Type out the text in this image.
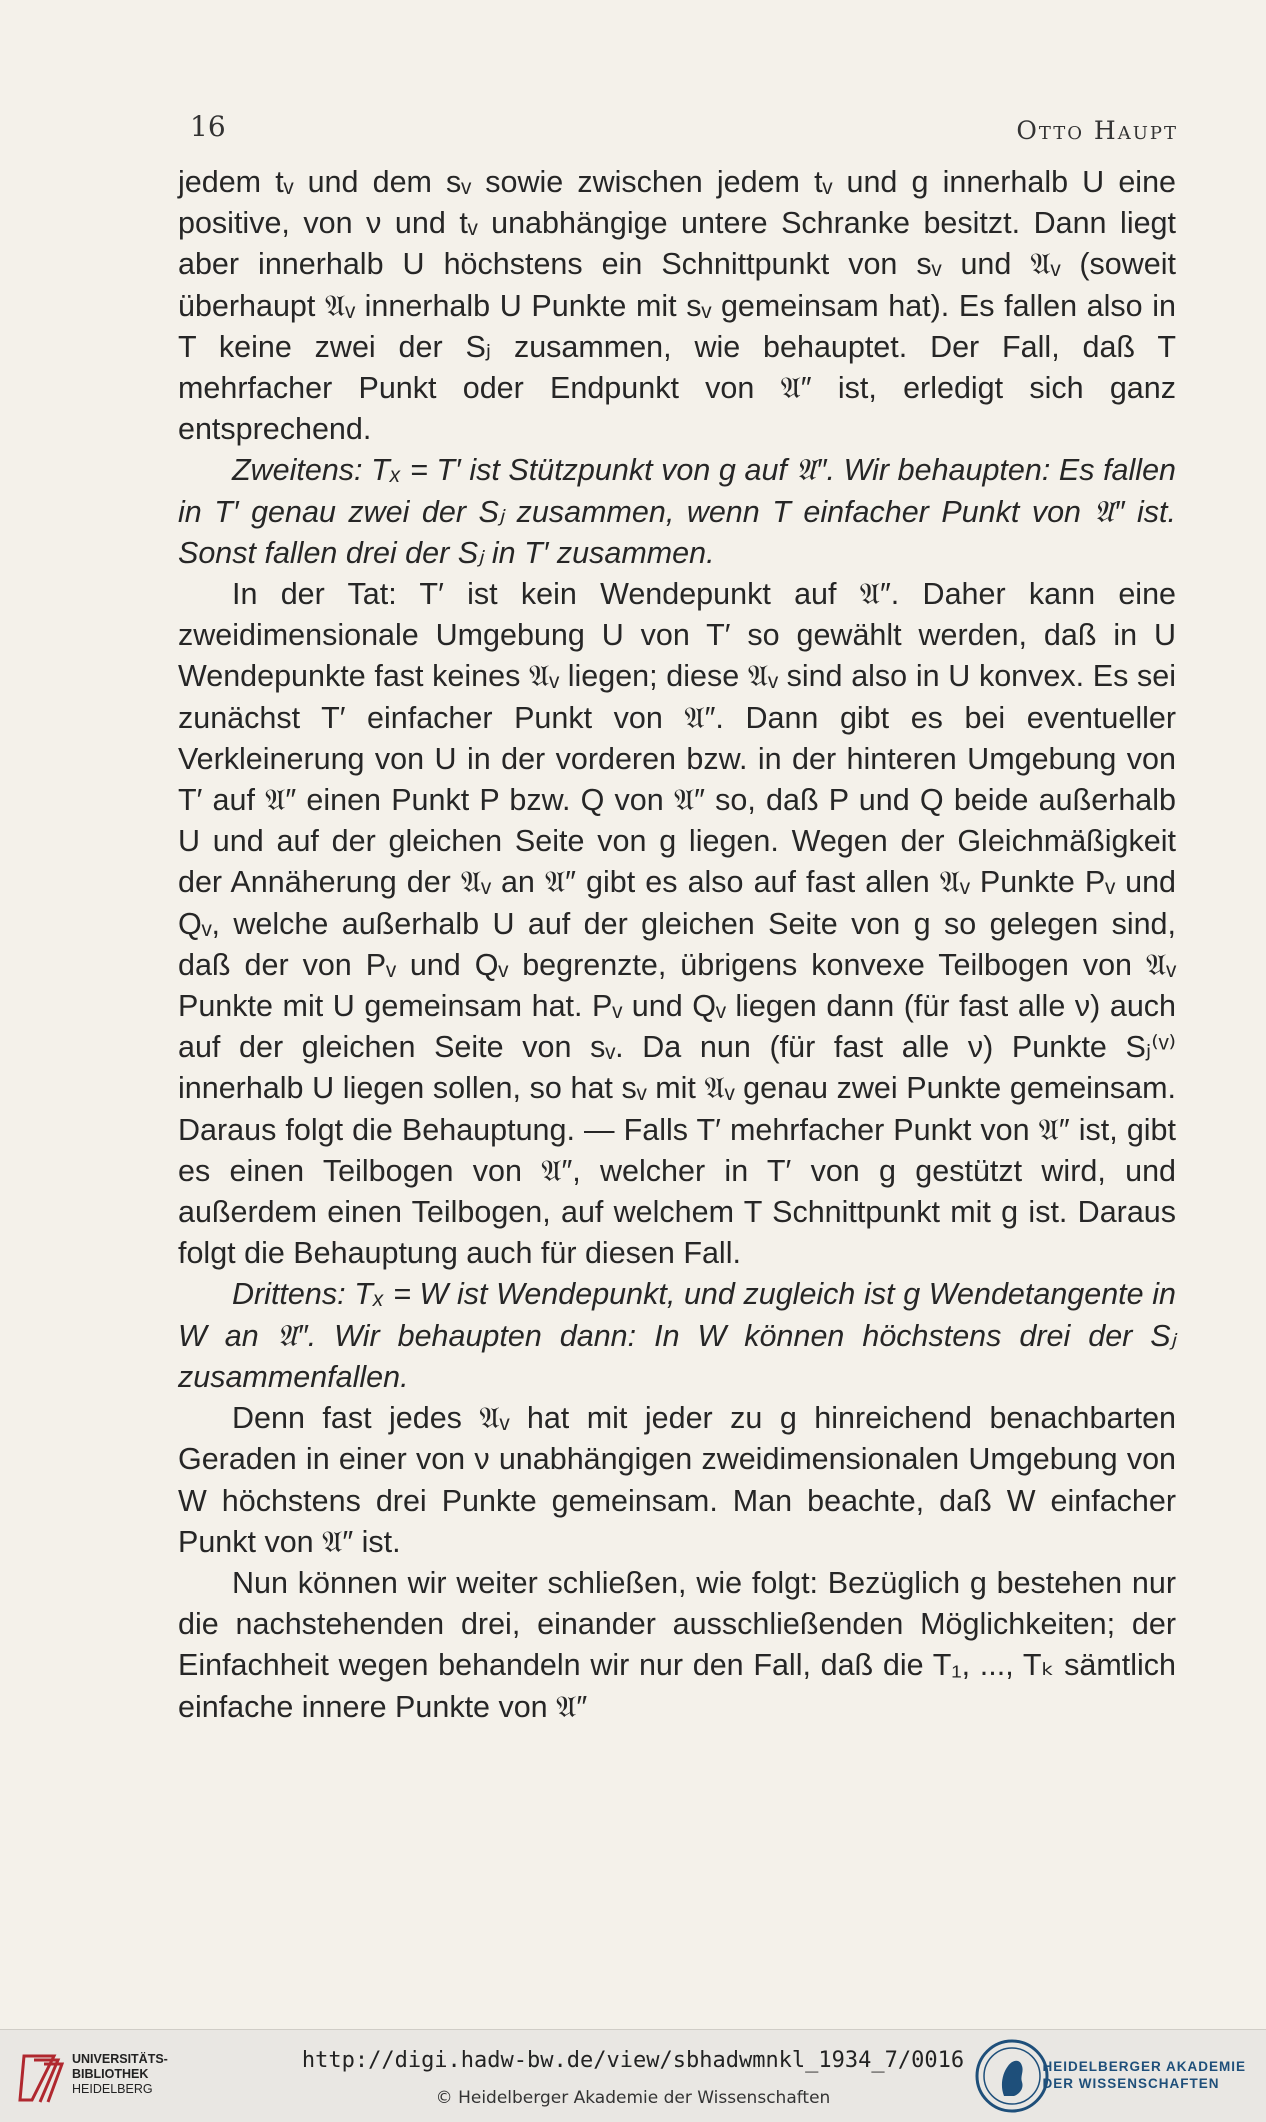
16	Otto Haupt

jedem tᵥ und dem sᵥ sowie zwischen jedem tᵥ und g innerhalb U eine positive, von ν und tᵥ unabhängige untere Schranke besitzt. Dann liegt aber innerhalb U höchstens ein Schnittpunkt von sᵥ und 𝔄ᵥ (soweit überhaupt 𝔄ᵥ innerhalb U Punkte mit sᵥ gemeinsam hat). Es fallen also in T keine zwei der Sⱼ zusammen, wie behauptet. Der Fall, daß T mehrfacher Punkt oder Endpunkt von 𝔄″ ist, erledigt sich ganz entsprechend.

Zweitens: Tₓ = T′ ist Stützpunkt von g auf 𝔄″. Wir behaupten: Es fallen in T′ genau zwei der Sⱼ zusammen, wenn T einfacher Punkt von 𝔄″ ist. Sonst fallen drei der Sⱼ in T′ zusammen.

In der Tat: T′ ist kein Wendepunkt auf 𝔄″. Daher kann eine zweidimensionale Umgebung U von T′ so gewählt werden, daß in U Wendepunkte fast keines 𝔄ᵥ liegen; diese 𝔄ᵥ sind also in U konvex. Es sei zunächst T′ einfacher Punkt von 𝔄″. Dann gibt es bei eventueller Verkleinerung von U in der vorderen bzw. in der hinteren Umgebung von T′ auf 𝔄″ einen Punkt P bzw. Q von 𝔄″ so, daß P und Q beide außerhalb U und auf der gleichen Seite von g liegen. Wegen der Gleichmäßigkeit der Annäherung der 𝔄ᵥ an 𝔄″ gibt es also auf fast allen 𝔄ᵥ Punkte Pᵥ und Qᵥ, welche außerhalb U auf der gleichen Seite von g so gelegen sind, daß der von Pᵥ und Qᵥ begrenzte, übrigens konvexe Teilbogen von 𝔄ᵥ Punkte mit U gemeinsam hat. Pᵥ und Qᵥ liegen dann (für fast alle ν) auch auf der gleichen Seite von sᵥ. Da nun (für fast alle ν) Punkte Sⱼ⁽ᵛ⁾ innerhalb U liegen sollen, so hat sᵥ mit 𝔄ᵥ genau zwei Punkte gemeinsam. Daraus folgt die Behauptung. — Falls T′ mehrfacher Punkt von 𝔄″ ist, gibt es einen Teilbogen von 𝔄″, welcher in T′ von g gestützt wird, und außerdem einen Teilbogen, auf welchem T Schnittpunkt mit g ist. Daraus folgt die Behauptung auch für diesen Fall.

Drittens: Tₓ = W ist Wendepunkt, und zugleich ist g Wendetangente in W an 𝔄″. Wir behaupten dann: In W können höchstens drei der Sⱼ zusammenfallen.

Denn fast jedes 𝔄ᵥ hat mit jeder zu g hinreichend benachbarten Geraden in einer von ν unabhängigen zweidimensionalen Umgebung von W höchstens drei Punkte gemeinsam. Man beachte, daß W einfacher Punkt von 𝔄″ ist.

Nun können wir weiter schließen, wie folgt: Bezüglich g bestehen nur die nachstehenden drei, einander ausschließenden Möglichkeiten; der Einfachheit wegen behandeln wir nur den Fall, daß die T₁, ..., Tₖ sämtlich einfache innere Punkte von 𝔄″

UNIVERSITÄTS-
BIBLIOTHEK
HEIDELBERG
http://digi.hadw-bw.de/view/sbhadwmnkl_1934_7/0016
© Heidelberger Akademie der Wissenschaften
HEIDELBERGER AKADEMIE
DER WISSENSCHAFTEN
